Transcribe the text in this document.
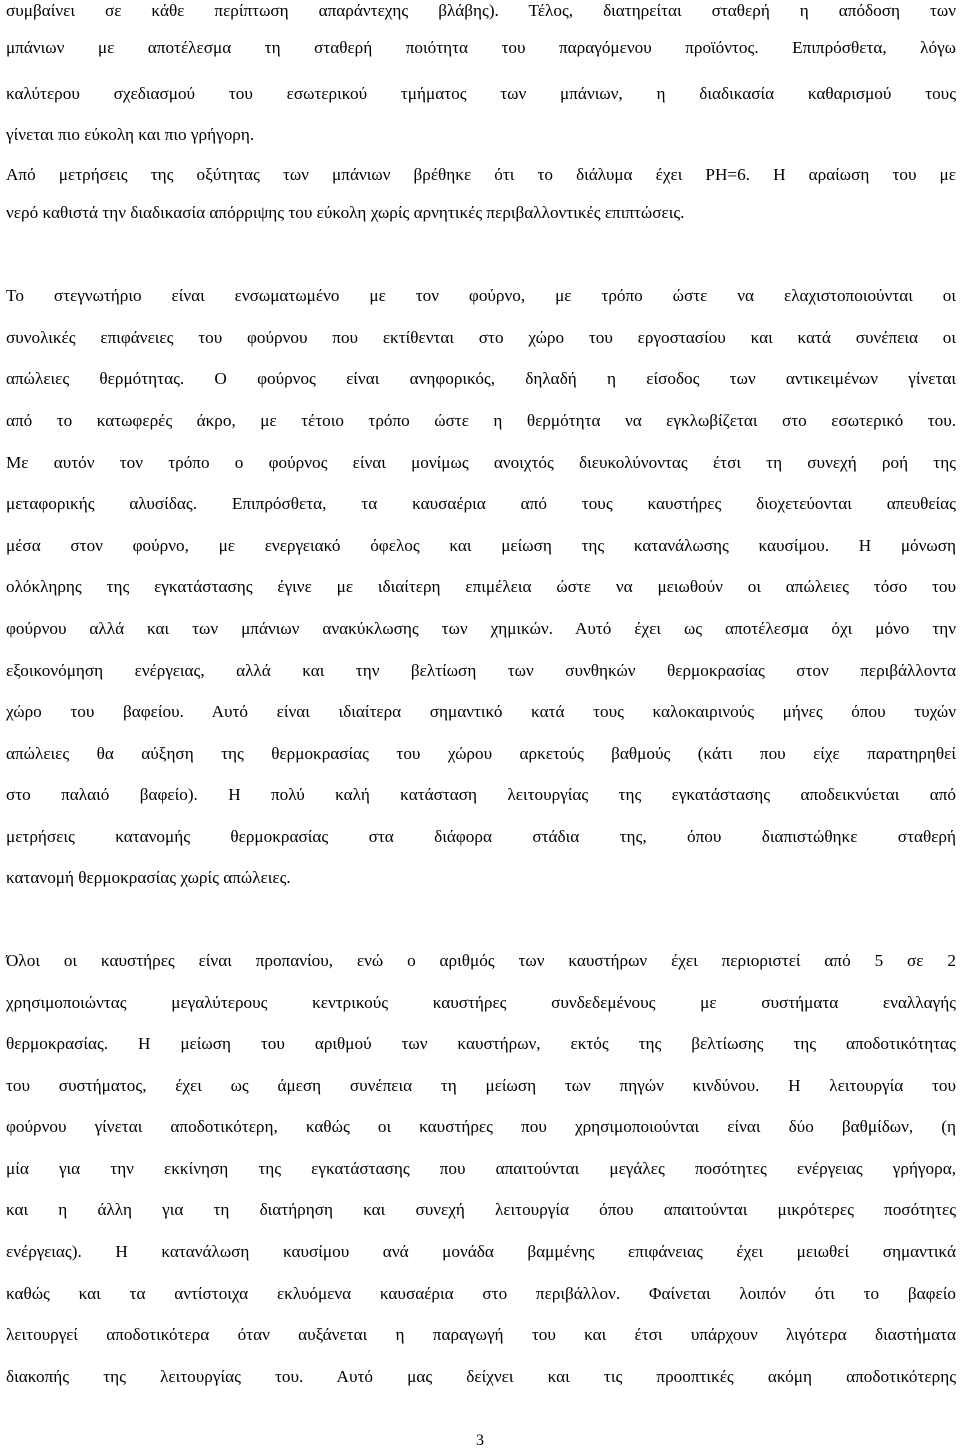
συμβαίνει σε κάθε περίπτωση απαράντεχης βλάβης). Τέλος, διατηρείται σταθερή η απόδοση των
μπάνιων με αποτέλεσμα τη σταθερή ποιότητα του παραγόμενου προϊόντος. Επιπρόσθετα, λόγω
καλύτερου σχεδιασμού του εσωτερικού τμήματος των μπάνιων, η διαδικασία καθαρισμού τους
γίνεται πιο εύκολη και πιο γρήγορη.
Από μετρήσεις της οξύτητας των μπάνιων βρέθηκε ότι το διάλυμα έχει PH=6. Η αραίωση του με
νερό καθιστά την διαδικασία απόρριψης του εύκολη χωρίς αρνητικές περιβαλλοντικές επιπτώσεις.
Το στεγνωτήριο είναι ενσωματωμένο με τον φούρνο, με τρόπο ώστε να ελαχιστοποιούνται οι
συνολικές επιφάνειες του φούρνου που εκτίθενται στο χώρο του εργοστασίου και κατά συνέπεια οι
απώλειες θερμότητας. Ο φούρνος είναι ανηφορικός, δηλαδή η είσοδος των αντικειμένων γίνεται
από το κατωφερές άκρο, με τέτοιο τρόπο ώστε η θερμότητα να εγκλωβίζεται στο εσωτερικό του.
Με αυτόν τον τρόπο ο φούρνος είναι μονίμως ανοιχτός διευκολύνοντας έτσι τη συνεχή ροή της
μεταφορικής αλυσίδας. Επιπρόσθετα, τα καυσαέρια από τους καυστήρες διοχετεύονται απευθείας
μέσα στον φούρνο, με ενεργειακό όφελος και μείωση της κατανάλωσης καυσίμου. Η μόνωση
ολόκληρης της εγκατάστασης έγινε με ιδιαίτερη επιμέλεια ώστε να μειωθούν οι απώλειες τόσο του
φούρνου αλλά και των μπάνιων ανακύκλωσης των χημικών. Αυτό έχει ως αποτέλεσμα όχι μόνο την
εξοικονόμηση ενέργειας, αλλά και την βελτίωση των συνθηκών θερμοκρασίας στον περιβάλλοντα
χώρο του βαφείου. Αυτό είναι ιδιαίτερα σημαντικό κατά τους καλοκαιρινούς μήνες όπου τυχών
απώλειες θα αύξηση της θερμοκρασίας του χώρου αρκετούς βαθμούς (κάτι που είχε παρατηρηθεί
στο παλαιό βαφείο). Η πολύ καλή κατάσταση λειτουργίας της εγκατάστασης αποδεικνύεται από
μετρήσεις κατανομής θερμοκρασίας στα διάφορα στάδια της, όπου διαπιστώθηκε σταθερή
κατανομή θερμοκρασίας χωρίς απώλειες.
Όλοι οι καυστήρες είναι προπανίου, ενώ ο αριθμός των καυστήρων έχει περιοριστεί από 5 σε 2
χρησιμοποιώντας μεγαλύτερους κεντρικούς καυστήρες συνδεδεμένους με συστήματα εναλλαγής
θερμοκρασίας. Η μείωση του αριθμού των καυστήρων, εκτός της βελτίωσης της αποδοτικότητας
του συστήματος, έχει ως άμεση συνέπεια τη μείωση των πηγών κινδύνου. Η λειτουργία του
φούρνου γίνεται αποδοτικότερη, καθώς οι καυστήρες που χρησιμοποιούνται είναι δύο βαθμίδων, (η
μία για την εκκίνηση της εγκατάστασης που απαιτούνται μεγάλες ποσότητες ενέργειας γρήγορα,
και η άλλη για τη διατήρηση και συνεχή λειτουργία όπου απαιτούνται μικρότερες ποσότητες
ενέργειας). Η κατανάλωση καυσίμου ανά μονάδα βαμμένης επιφάνειας έχει μειωθεί σημαντικά
καθώς και τα αντίστοιχα εκλυόμενα καυσαέρια στο περιβάλλον. Φαίνεται λοιπόν ότι το βαφείο
λειτουργεί αποδοτικότερα όταν αυξάνεται η παραγωγή του και έτσι υπάρχουν λιγότερα διαστήματα
διακοπής της λειτουργίας του. Αυτό μας δείχνει και τις προοπτικές ακόμη αποδοτικότερης
3
